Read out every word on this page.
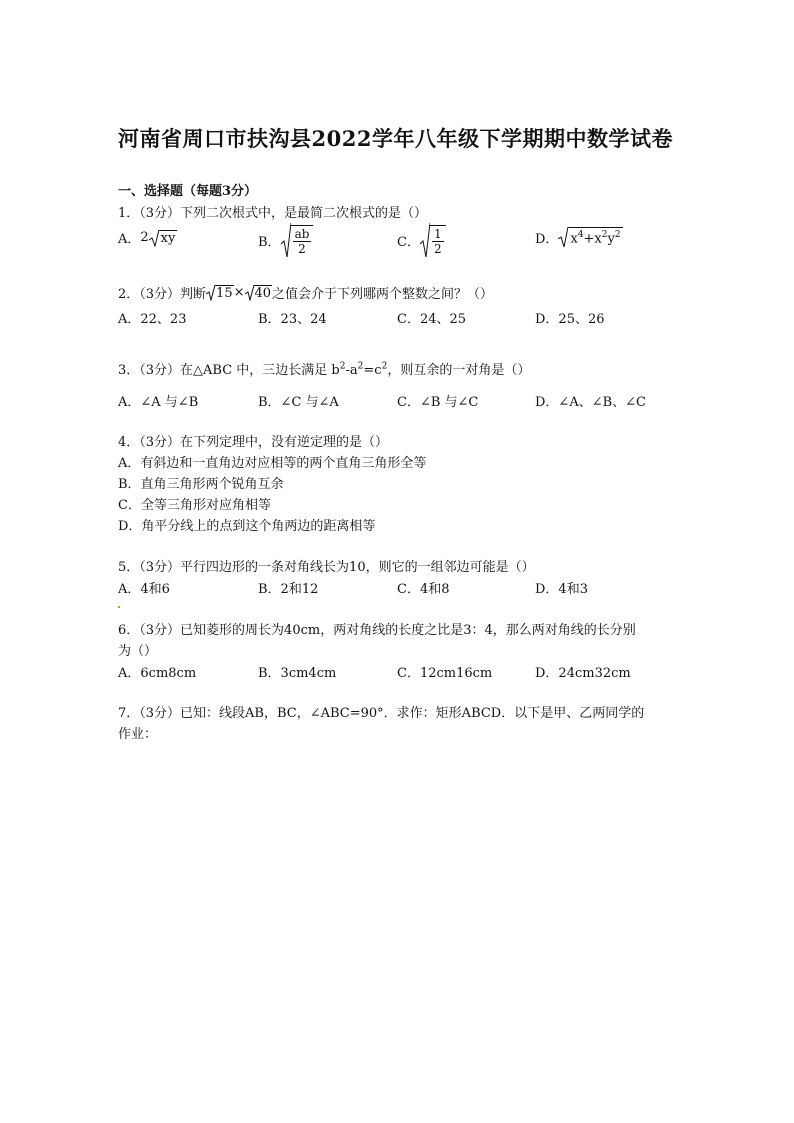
河南省周口市扶沟县2022学年八年级下学期期中数学试卷
一、选择题（每题3分）
1．（3分）下列二次根式中，是最简二次根式的是（）
A． 2 xy	B． $\frac{ab}{2}$	C． $\frac{1}{2}$	D． $x^4+x^2y^2$
2．（3分）判断 15 × 40 之值会介于下列哪两个整数之间？（）
A．22、23	B．23、24	C．24、25	D．25、26
3．（3分）在△ABC 中，三边长满足 $b^2-a^2=c^2$，则互余的一对角是（）
A．∠A 与∠B	B．∠C 与∠A	C．∠B 与∠C	D．∠A、∠B、∠C
4．（3分）在下列定理中，没有逆定理的是（）
A．有斜边和一直角边对应相等的两个直角三角形全等
B．直角三角形两个锐角互余
C．全等三角形对应角相等
D．角平分线上的点到这个角两边的距离相等
5．（3分）平行四边形的一条对角线长为10，则它的一组邻边可能是（）
A．4和6	B．2和12	C．4和8	D．4和3
6．（3分）已知菱形的周长为40cm，两对角线的长度之比是3：4，那么两对角线的长分别
为（）
A．6cm8cm	B．3cm4cm	C．12cm16cm	D．24cm32cm
7．（3分）已知：线段AB，BC，∠ABC=90°．求作：矩形ABCD．以下是甲、乙两同学的
作业：
